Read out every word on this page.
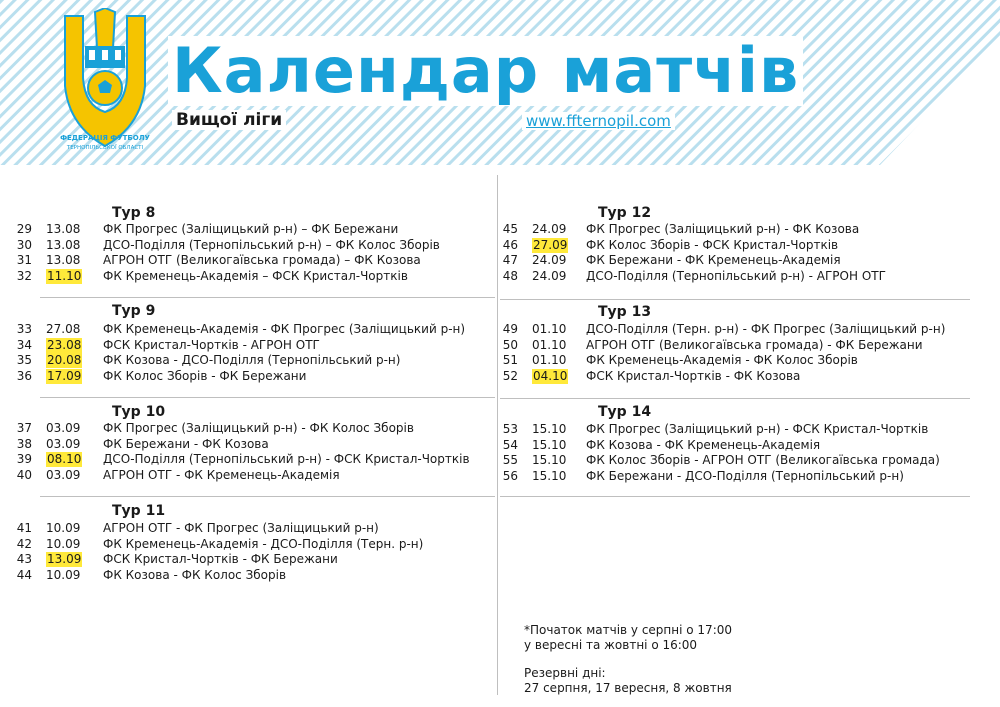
ФЕДЕРАЦІЯ ФУТБОЛУ
ТЕРНОПІЛЬСЬКОЇ ОБЛАСТІ
Календар матчів
Вищої ліги	www.ffternopil.com
Тур 8
29 13.08 ФК Прогрес (Заліщицький р-н) – ФК Бережани
30 13.08 ДСО-Поділля (Тернопільський р-н) – ФК Колос Зборів
31 13.08 АГРОН ОТГ (Великогаївська громада) – ФК Козова
32 11.10 ФК Кременець-Академія – ФСК Кристал-Чортків
Тур 9
33 27.08 ФК Кременець-Академія - ФК Прогрес (Заліщицький р-н)
34 23.08 ФСК Кристал-Чортків - АГРОН ОТГ
35 20.08 ФК Козова - ДСО-Поділля (Тернопільський р-н)
36 17.09 ФК Колос Зборів - ФК Бережани
Тур 10
37 03.09 ФК Прогрес (Заліщицький р-н) - ФК Колос Зборів
38 03.09 ФК Бережани - ФК Козова
39 08.10 ДСО-Поділля (Тернопільський р-н) - ФСК Кристал-Чортків
40 03.09 АГРОН ОТГ - ФК Кременець-Академія
Тур 11
41 10.09 АГРОН ОТГ - ФК Прогрес (Заліщицький р-н)
42 10.09 ФК Кременець-Академія - ДСО-Поділля (Терн. р-н)
43 13.09 ФСК Кристал-Чортків - ФК Бережани
44 10.09 ФК Козова - ФК Колос Зборів
Тур 12
45 24.09 ФК Прогрес (Заліщицький р-н) - ФК Козова
46 27.09 ФК Колос Зборів - ФСК Кристал-Чортків
47 24.09 ФК Бережани - ФК Кременець-Академія
48 24.09 ДСО-Поділля (Тернопільський р-н) - АГРОН ОТГ
Тур 13
49 01.10 ДСО-Поділля (Терн. р-н) - ФК Прогрес (Заліщицький р-н)
50 01.10 АГРОН ОТГ (Великогаївська громада) - ФК Бережани
51 01.10 ФК Кременець-Академія - ФК Колос Зборів
52 04.10 ФСК Кристал-Чортків - ФК Козова
Тур 14
53 15.10 ФК Прогрес (Заліщицький р-н) - ФСК Кристал-Чортків
54 15.10 ФК Козова - ФК Кременець-Академія
55 15.10 ФК Колос Зборів - АГРОН ОТГ (Великогаївська громада)
56 15.10 ФК Бережани - ДСО-Поділля (Тернопільський р-н)
*Початок матчів у серпні о 17:00
у вересні та жовтні о 16:00
Резервні дні:
27 серпня, 17 вересня, 8 жовтня
